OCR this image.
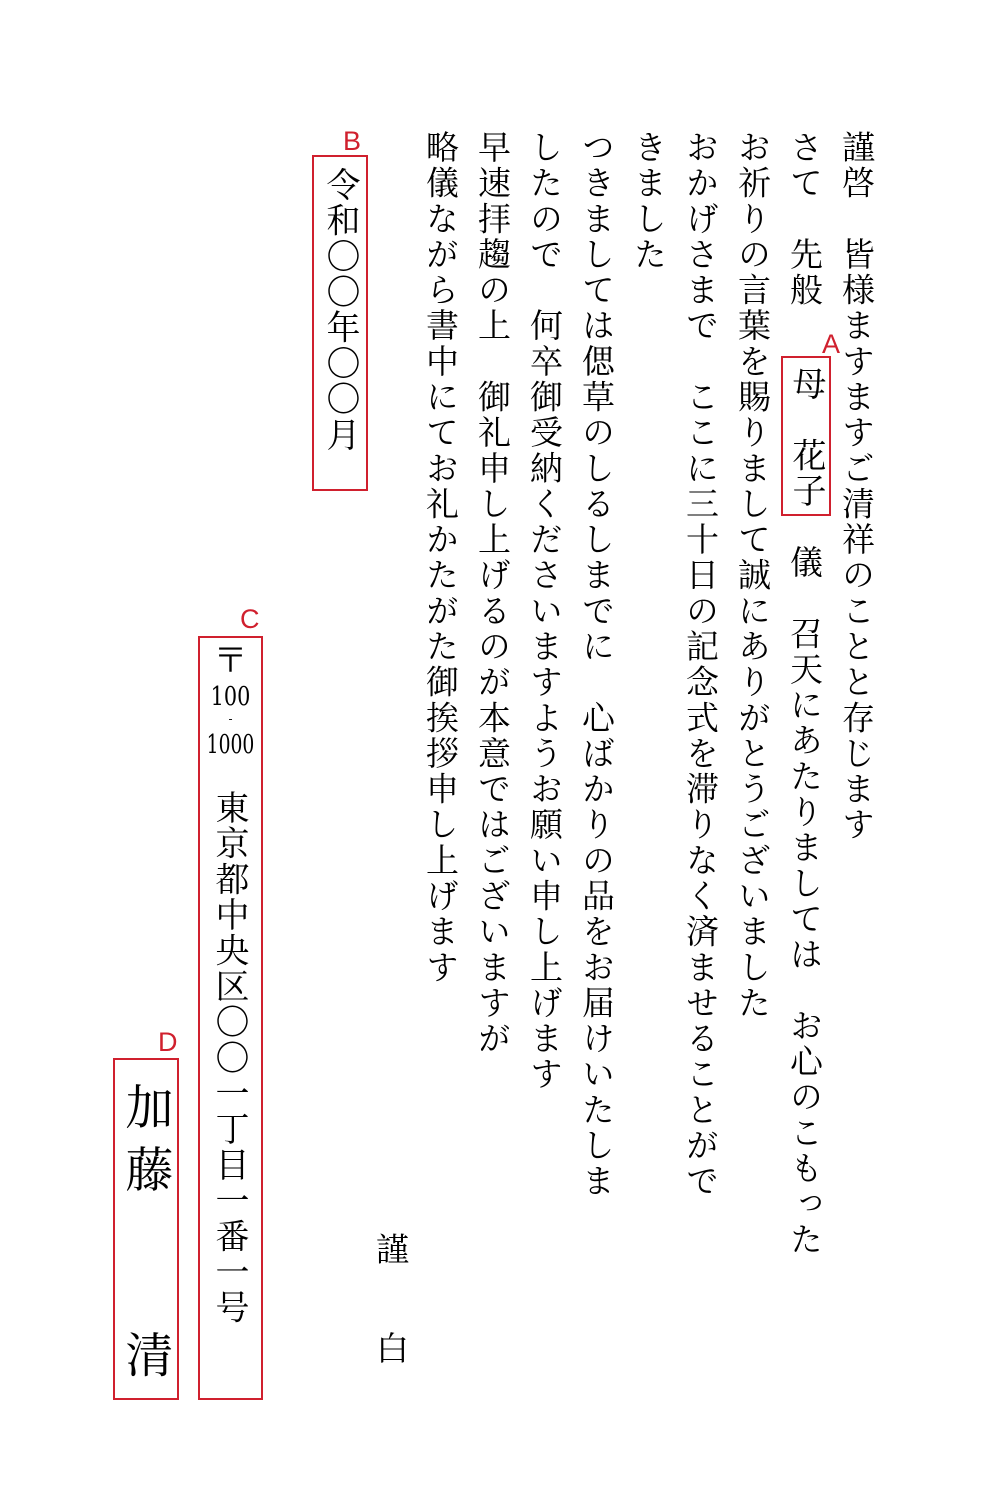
謹啓　皆様ますますご清祥のことと存じます
さて　先般
儀　召天にあたりましては　お心のこもった
お祈りの言葉を賜りまして誠にありがとうございました
おかげさまで　ここに三十日の記念式を滞りなく済ませることがで
きました
つきましては偲草のしるしまでに　心ばかりの品をお届けいたしま
したので　何卒御受納くださいますようお願い申し上げます
早速拝趨の上　御礼申し上げるのが本意ではございますが
略儀ながら書中にてお礼かたがた御挨拶申し上げます
謹　白
A
母　花子
B
令和〇〇年〇〇月
C
〒
100
-
1000
東京都中央区〇〇一丁目一番一号
D
加藤
清
